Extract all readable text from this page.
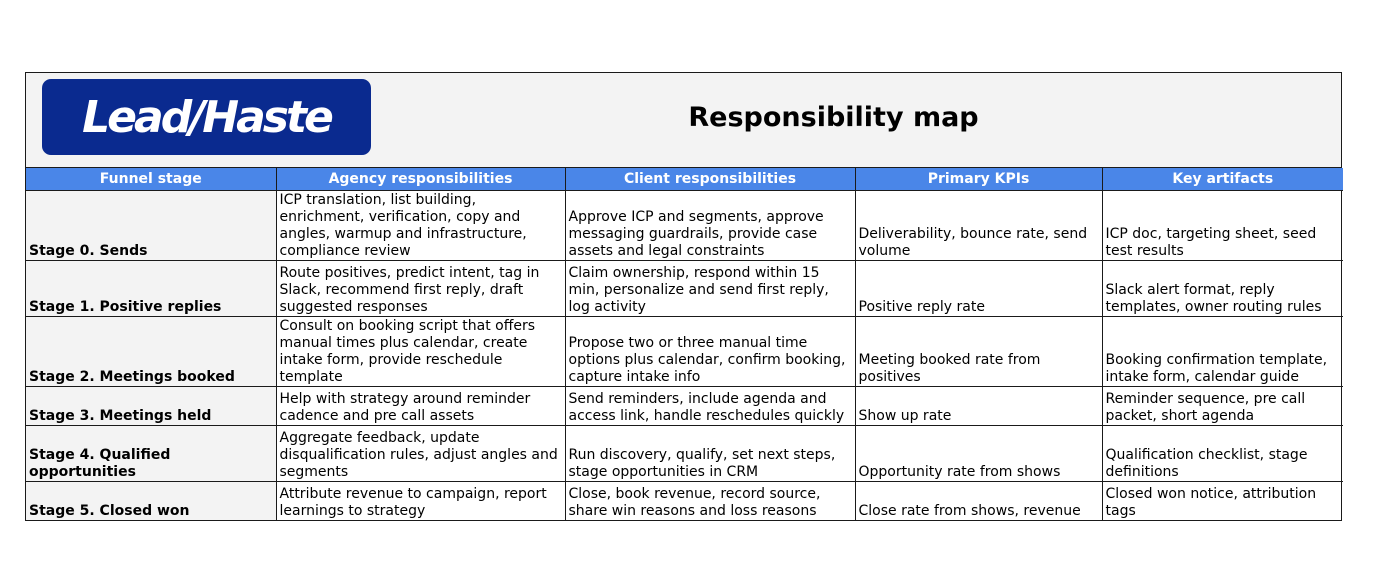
Lead/Haste	Responsibility map
Funnel stage	Agency responsibilities	Client responsibilities	Primary KPIs	Key artifacts
Stage 0. Sends	ICP translation, list building, enrichment, verification, copy and angles, warmup and infrastructure, compliance review	Approve ICP and segments, approve messaging guardrails, provide case assets and legal constraints	Deliverability, bounce rate, send volume	ICP doc, targeting sheet, seed test results
Stage 1. Positive replies	Route positives, predict intent, tag in Slack, recommend first reply, draft suggested responses	Claim ownership, respond within 15 min, personalize and send first reply, log activity	Positive reply rate	Slack alert format, reply templates, owner routing rules
Stage 2. Meetings booked	Consult on booking script that offers manual times plus calendar, create intake form, provide reschedule template	Propose two or three manual time options plus calendar, confirm booking, capture intake info	Meeting booked rate from positives	Booking confirmation template, intake form, calendar guide
Stage 3. Meetings held	Help with strategy around reminder cadence and pre call assets	Send reminders, include agenda and access link, handle reschedules quickly	Show up rate	Reminder sequence, pre call packet, short agenda
Stage 4. Qualified opportunities	Aggregate feedback, update disqualification rules, adjust angles and segments	Run discovery, qualify, set next steps, stage opportunities in CRM	Opportunity rate from shows	Qualification checklist, stage definitions
Stage 5. Closed won	Attribute revenue to campaign, report learnings to strategy	Close, book revenue, record source, share win reasons and loss reasons	Close rate from shows, revenue	Closed won notice, attribution tags
